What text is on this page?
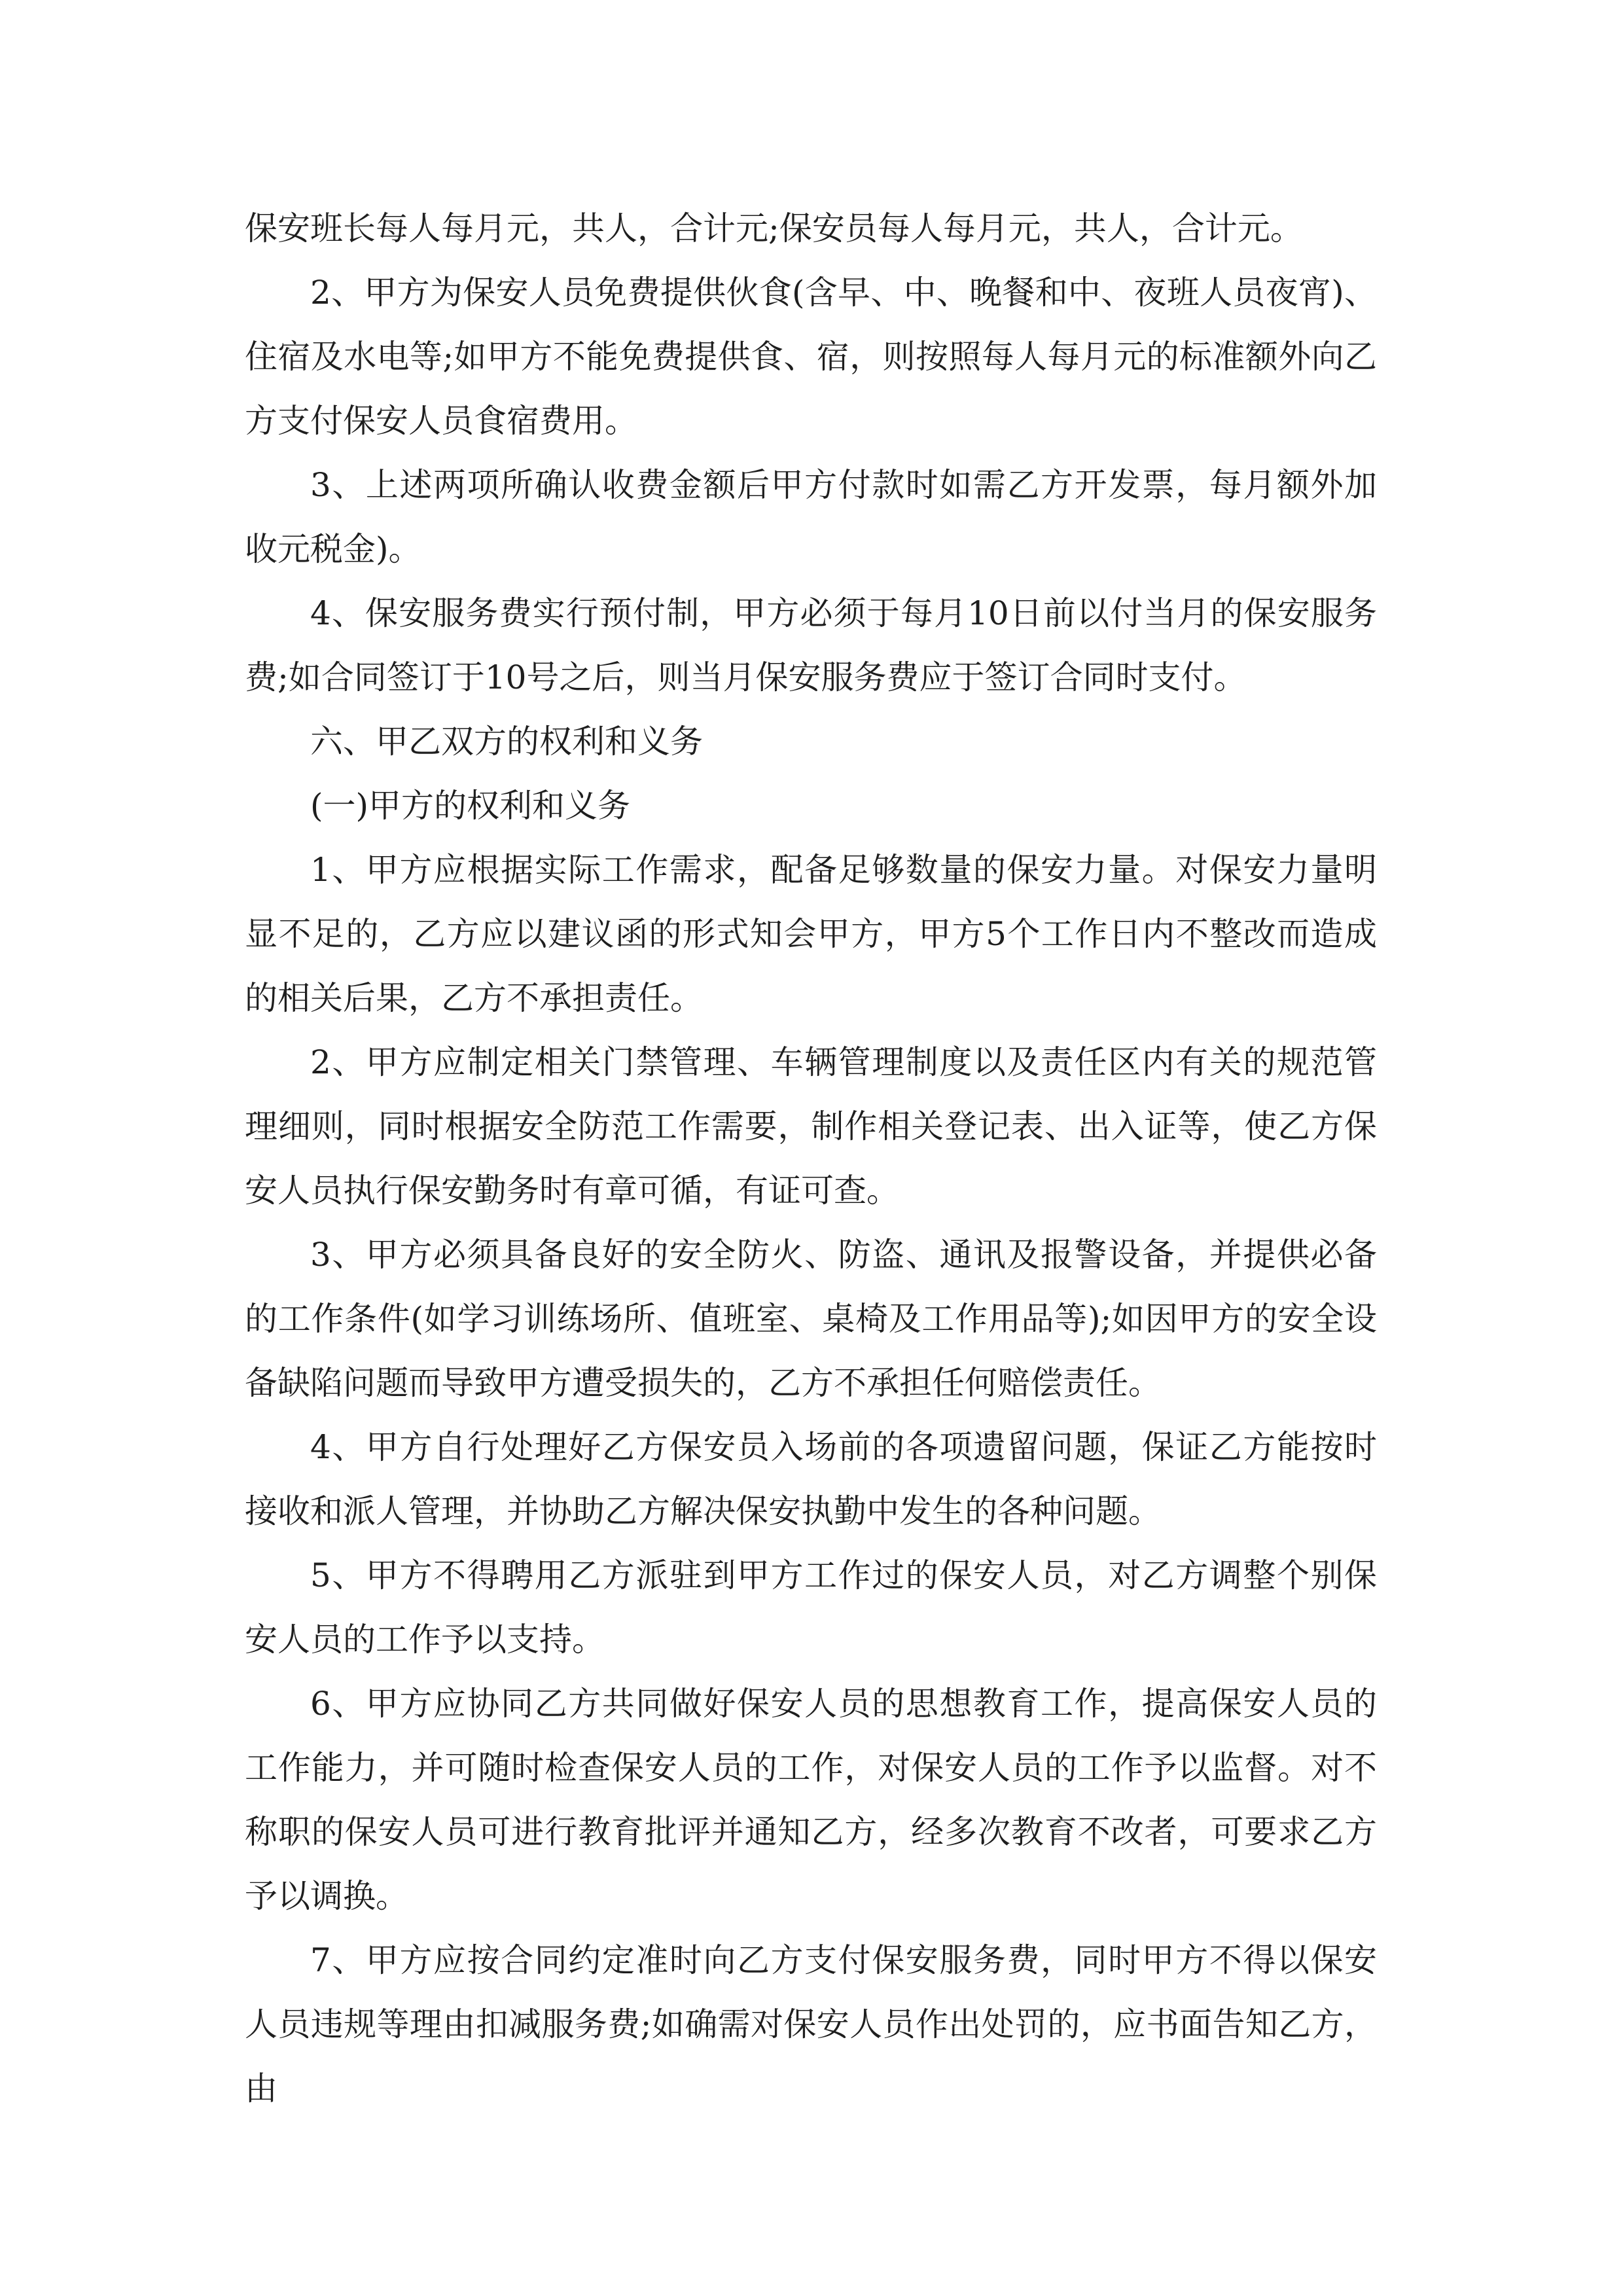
保安班长每人每月元，共人，合计元;保安员每人每月元，共人，合计元。

2、甲方为保安人员免费提供伙食(含早、中、晚餐和中、夜班人员夜宵)、住宿及水电等;如甲方不能免费提供食、宿，则按照每人每月元的标准额外向乙方支付保安人员食宿费用。

3、上述两项所确认收费金额后甲方付款时如需乙方开发票，每月额外加收元税金)。

4、保安服务费实行预付制，甲方必须于每月10日前以付当月的保安服务费;如合同签订于10号之后，则当月保安服务费应于签订合同时支付。

六、甲乙双方的权利和义务

(一)甲方的权利和义务

1、甲方应根据实际工作需求，配备足够数量的保安力量。对保安力量明显不足的，乙方应以建议函的形式知会甲方，甲方5个工作日内不整改而造成的相关后果，乙方不承担责任。

2、甲方应制定相关门禁管理、车辆管理制度以及责任区内有关的规范管理细则，同时根据安全防范工作需要，制作相关登记表、出入证等，使乙方保安人员执行保安勤务时有章可循，有证可查。

3、甲方必须具备良好的安全防火、防盗、通讯及报警设备，并提供必备的工作条件(如学习训练场所、值班室、桌椅及工作用品等);如因甲方的安全设备缺陷问题而导致甲方遭受损失的，乙方不承担任何赔偿责任。

4、甲方自行处理好乙方保安员入场前的各项遗留问题，保证乙方能按时接收和派人管理，并协助乙方解决保安执勤中发生的各种问题。

5、甲方不得聘用乙方派驻到甲方工作过的保安人员，对乙方调整个别保安人员的工作予以支持。

6、甲方应协同乙方共同做好保安人员的思想教育工作，提高保安人员的工作能力，并可随时检查保安人员的工作，对保安人员的工作予以监督。对不称职的保安人员可进行教育批评并通知乙方，经多次教育不改者，可要求乙方予以调换。

7、甲方应按合同约定准时向乙方支付保安服务费，同时甲方不得以保安人员违规等理由扣减服务费;如确需对保安人员作出处罚的，应书面告知乙方，由
